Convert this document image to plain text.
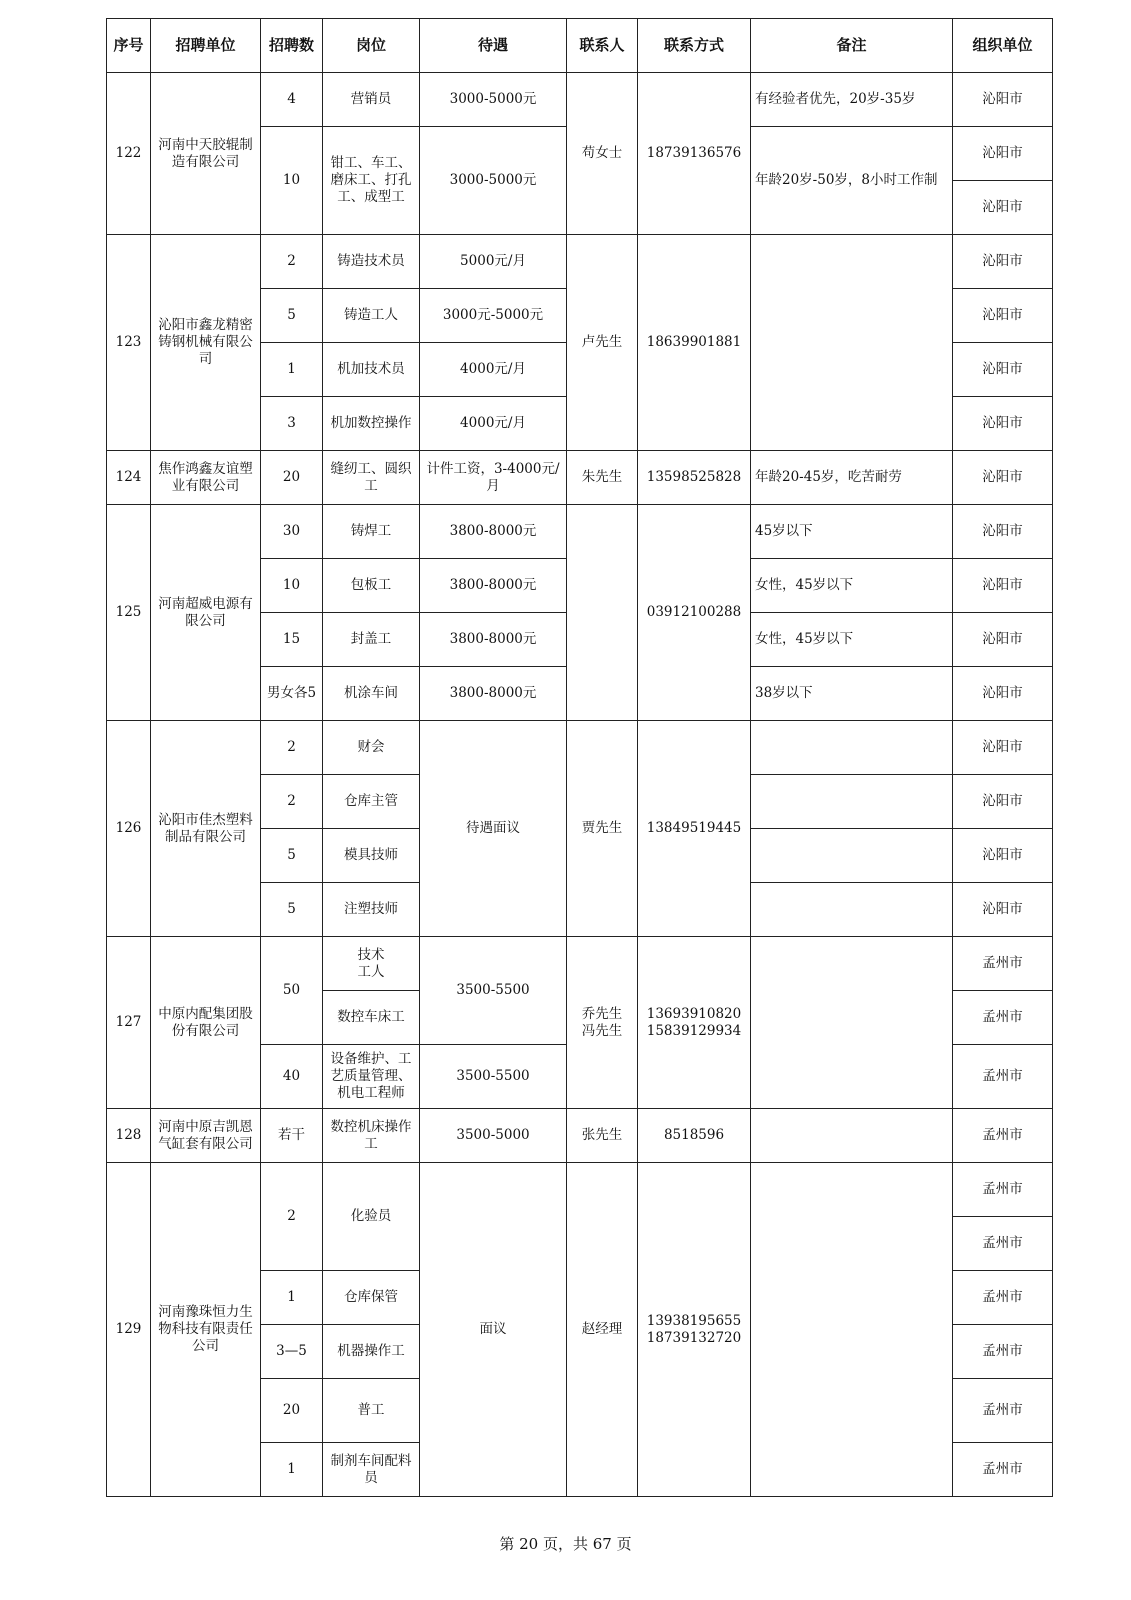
序号	招聘单位	招聘数	岗位	待遇	联系人	联系方式	备注	组织单位
122	河南中天胶辊制造有限公司	4	营销员	3000-5000元	苟女士	18739136576	有经验者优先，20岁-35岁	沁阳市
		10	钳工、车工、磨床工、打孔工、成型工	3000-5000元			年龄20岁-50岁，8小时工作制	沁阳市
								沁阳市
123	沁阳市鑫龙精密铸钢机械有限公司	2	铸造技术员	5000元/月	卢先生	18639901881		沁阳市
		5	铸造工人	3000元-5000元				沁阳市
		1	机加技术员	4000元/月				沁阳市
		3	机加数控操作	4000元/月				沁阳市
124	焦作鸿鑫友谊塑业有限公司	20	缝纫工、圆织工	计件工资，3-4000元/月	朱先生	13598525828	年龄20-45岁，吃苦耐劳	沁阳市
125	河南超威电源有限公司	30	铸焊工	3800-8000元		03912100288	45岁以下	沁阳市
		10	包板工	3800-8000元			女性，45岁以下	沁阳市
		15	封盖工	3800-8000元			女性，45岁以下	沁阳市
		男女各5	机涂车间	3800-8000元			38岁以下	沁阳市
126	沁阳市佳杰塑料制品有限公司	2	财会	待遇面议	贾先生	13849519445		沁阳市
		2	仓库主管					沁阳市
		5	模具技师					沁阳市
		5	注塑技师					沁阳市
127	中原内配集团股份有限公司	50	技术
工人	3500-5500	乔先生
冯先生	13693910820
15839129934		孟州市
			数控车床工					孟州市
		40	设备维护、工艺质量管理、机电工程师	3500-5500				孟州市
128	河南中原吉凯恩气缸套有限公司	若干	数控机床操作工	3500-5000	张先生	8518596		孟州市
129	河南豫珠恒力生物科技有限责任公司	2	化验员	面议	赵经理	13938195655
18739132720		孟州市
								孟州市
		1	仓库保管					孟州市
		3—5	机器操作工					孟州市
		20	普工					孟州市
		1	制剂车间配料员					孟州市
第 20 页，共 67 页
